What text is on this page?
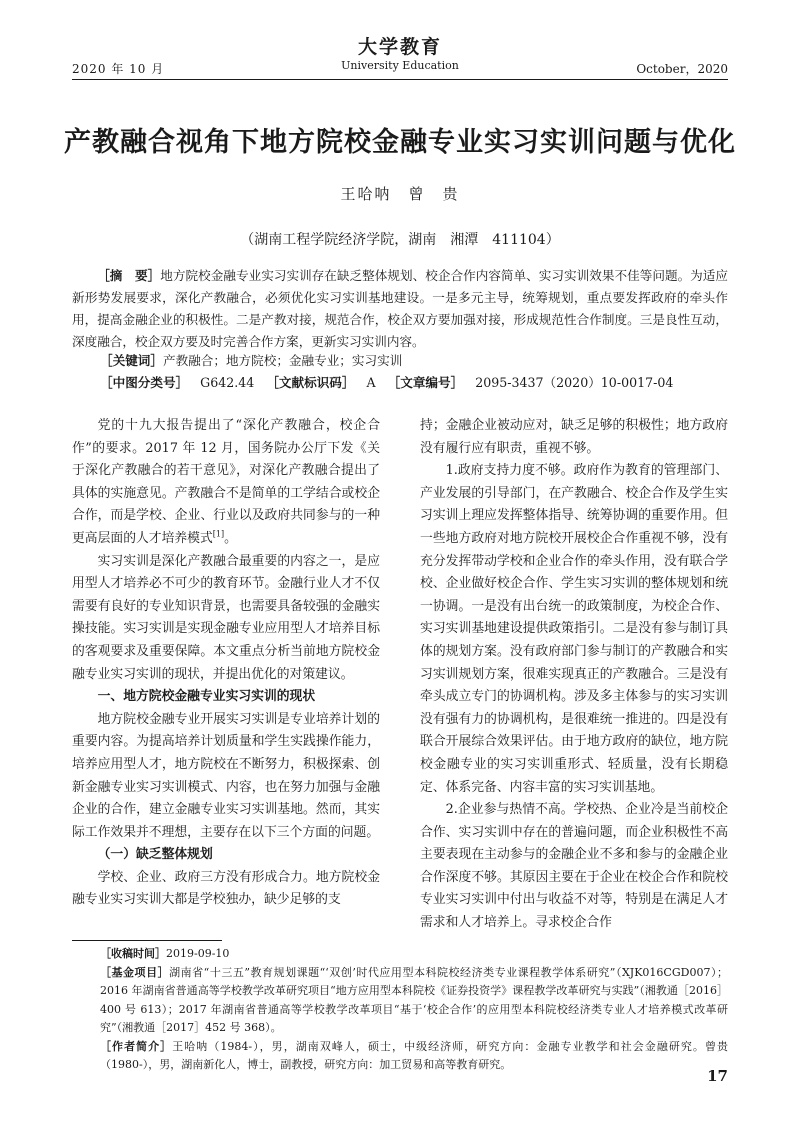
2020 年 10 月
大学教育
University Education	October，2020
产教融合视角下地方院校金融专业实习实训问题与优化
王哈呐　曾　贵
（湖南工程学院经济学院，湖南　湘潭　411104）

［摘　要］地方院校金融专业实习实训存在缺乏整体规划、校企合作内容简单、实习实训效果不佳等问题。为适应新形势发展要求，深化产教融合，必须优化实习实训基地建设。一是多元主导，统筹规划，重点要发挥政府的牵头作用，提高金融企业的积极性。二是产教对接，规范合作，校企双方要加强对接，形成规范性合作制度。三是良性互动，深度融合，校企双方要及时完善合作方案，更新实习实训内容。

［关键词］产教融合；地方院校；金融专业；实习实训
［中图分类号］ G642.44 ［文献标识码］ A ［文章编号］ 2095-3437（2020）10-0017-04

党的十九大报告提出了“深化产教融合，校企合作”的要求。2017 年 12 月，国务院办公厅下发《关于深化产教融合的若干意见》，对深化产教融合提出了具体的实施意见。产教融合不是简单的工学结合或校企合作，而是学校、企业、行业以及政府共同参与的一种更高层面的人才培养模式[1]。

实习实训是深化产教融合最重要的内容之一，是应用型人才培养必不可少的教育环节。金融行业人才不仅需要有良好的专业知识背景，也需要具备较强的金融实操技能。实习实训是实现金融专业应用型人才培养目标的客观要求及重要保障。本文重点分析当前地方院校金融专业实习实训的现状，并提出优化的对策建议。

一、地方院校金融专业实习实训的现状

地方院校金融专业开展实习实训是专业培养计划的重要内容。为提高培养计划质量和学生实践操作能力，培养应用型人才，地方院校在不断努力，积极探索、创新金融专业实习实训模式、内容，也在努力加强与金融企业的合作，建立金融专业实习实训基地。然而，其实际工作效果并不理想，主要存在以下三个方面的问题。

（一）缺乏整体规划

学校、企业、政府三方没有形成合力。地方院校金融专业实习实训大都是学校独办，缺少足够的支

持；金融企业被动应对，缺乏足够的积极性；地方政府没有履行应有职责，重视不够。

1.政府支持力度不够。政府作为教育的管理部门、产业发展的引导部门，在产教融合、校企合作及学生实习实训上理应发挥整体指导、统筹协调的重要作用。但一些地方政府对地方院校开展校企合作重视不够，没有充分发挥带动学校和企业合作的牵头作用，没有联合学校、企业做好校企合作、学生实习实训的整体规划和统一协调。一是没有出台统一的政策制度，为校企合作、实习实训基地建设提供政策指引。二是没有参与制订具体的规划方案。没有政府部门参与制订的产教融合和实习实训规划方案，很难实现真正的产教融合。三是没有牵头成立专门的协调机构。涉及多主体参与的实习实训没有强有力的协调机构，是很难统一推进的。四是没有联合开展综合效果评估。由于地方政府的缺位，地方院校金融专业的实习实训重形式、轻质量，没有长期稳定、体系完备、内容丰富的实习实训基地。

2.企业参与热情不高。学校热、企业冷是当前校企合作、实习实训中存在的普遍问题，而企业积极性不高主要表现在主动参与的金融企业不多和参与的金融企业合作深度不够。其原因主要在于企业在校企合作和院校专业实习实训中付出与收益不对等，特别是在满足人才需求和人才培养上。寻求校企合作

［收稿时间］2019-09-10

［基金项目］湖南省“十三五”教育规划课题“‘双创’时代应用型本科院校经济类专业课程教学体系研究”（XJK016CGD007）；2016 年湖南省普通高等学校教学改革研究项目“地方应用型本科院校《证券投资学》课程教学改革研究与实践”（湘教通［2016］400 号 613）；2017 年湖南省普通高等学校教学改革项目“基于‘校企合作’的应用型本科院校经济类专业人才培养模式改革研究”（湘教通［2017］452 号 368）。

［作者简介］王哈呐（1984-），男，湖南双峰人，硕士，中级经济师，研究方向：金融专业教学和社会金融研究。曾贵（1980-），男，湖南新化人，博士，副教授，研究方向：加工贸易和高等教育研究。

17
